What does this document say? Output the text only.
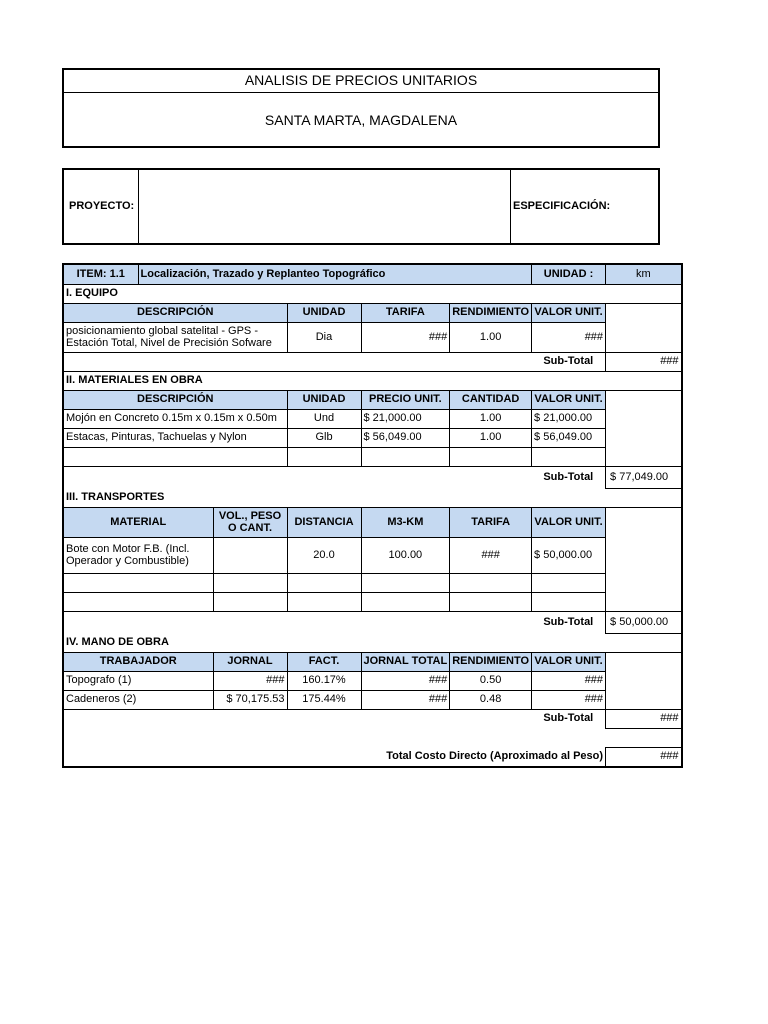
ANALISIS DE PRECIOS UNITARIOS
SANTA MARTA, MAGDALENA
PROYECTO:	ESPECIFICACIÓN:
ITEM: 1.1	Localización, Trazado y Replanteo Topográfico					UNIDAD :	km
I. EQUIPO							
DESCRIPCIÓN			UNIDAD	TARIFA	RENDIMIENTO	VALOR UNIT.	
posicionamiento global satelital - GPS - Estación Total, Nivel de Precisión Sofware			Dia	###	1.00	###	
						Sub-Total	###
II. MATERIALES EN OBRA							
DESCRIPCIÓN			UNIDAD	PRECIO UNIT.	CANTIDAD	VALOR UNIT.	
Mojón en Concreto 0.15m x 0.15m x 0.50m			Und	$ 21,000.00	1.00	$ 21,000.00	
Estacas, Pinturas, Tachuelas y Nylon			Glb	$ 56,049.00	1.00	$ 56,049.00	

						Sub-Total	$ 77,049.00
III. TRANSPORTES							
MATERIAL		VOL., PESO O CANT.	DISTANCIA	M3-KM	TARIFA	VALOR UNIT.	
Bote con Motor F.B. (Incl. Operador y Combustible)			20.0	100.00	###	$ 50,000.00	

						Sub-Total	$ 50,000.00
IV. MANO DE OBRA							
TRABAJADOR		JORNAL	FACT.	JORNAL TOTAL	RENDIMIENTO	VALOR UNIT.	
Topografo (1)		###	160.17%	###	0.50	###	
Cadeneros (2)		$ 70,175.53	175.44%	###	0.48	###	
						Sub-Total	###

				Total Costo Directo (Aproximado al Peso)			###
